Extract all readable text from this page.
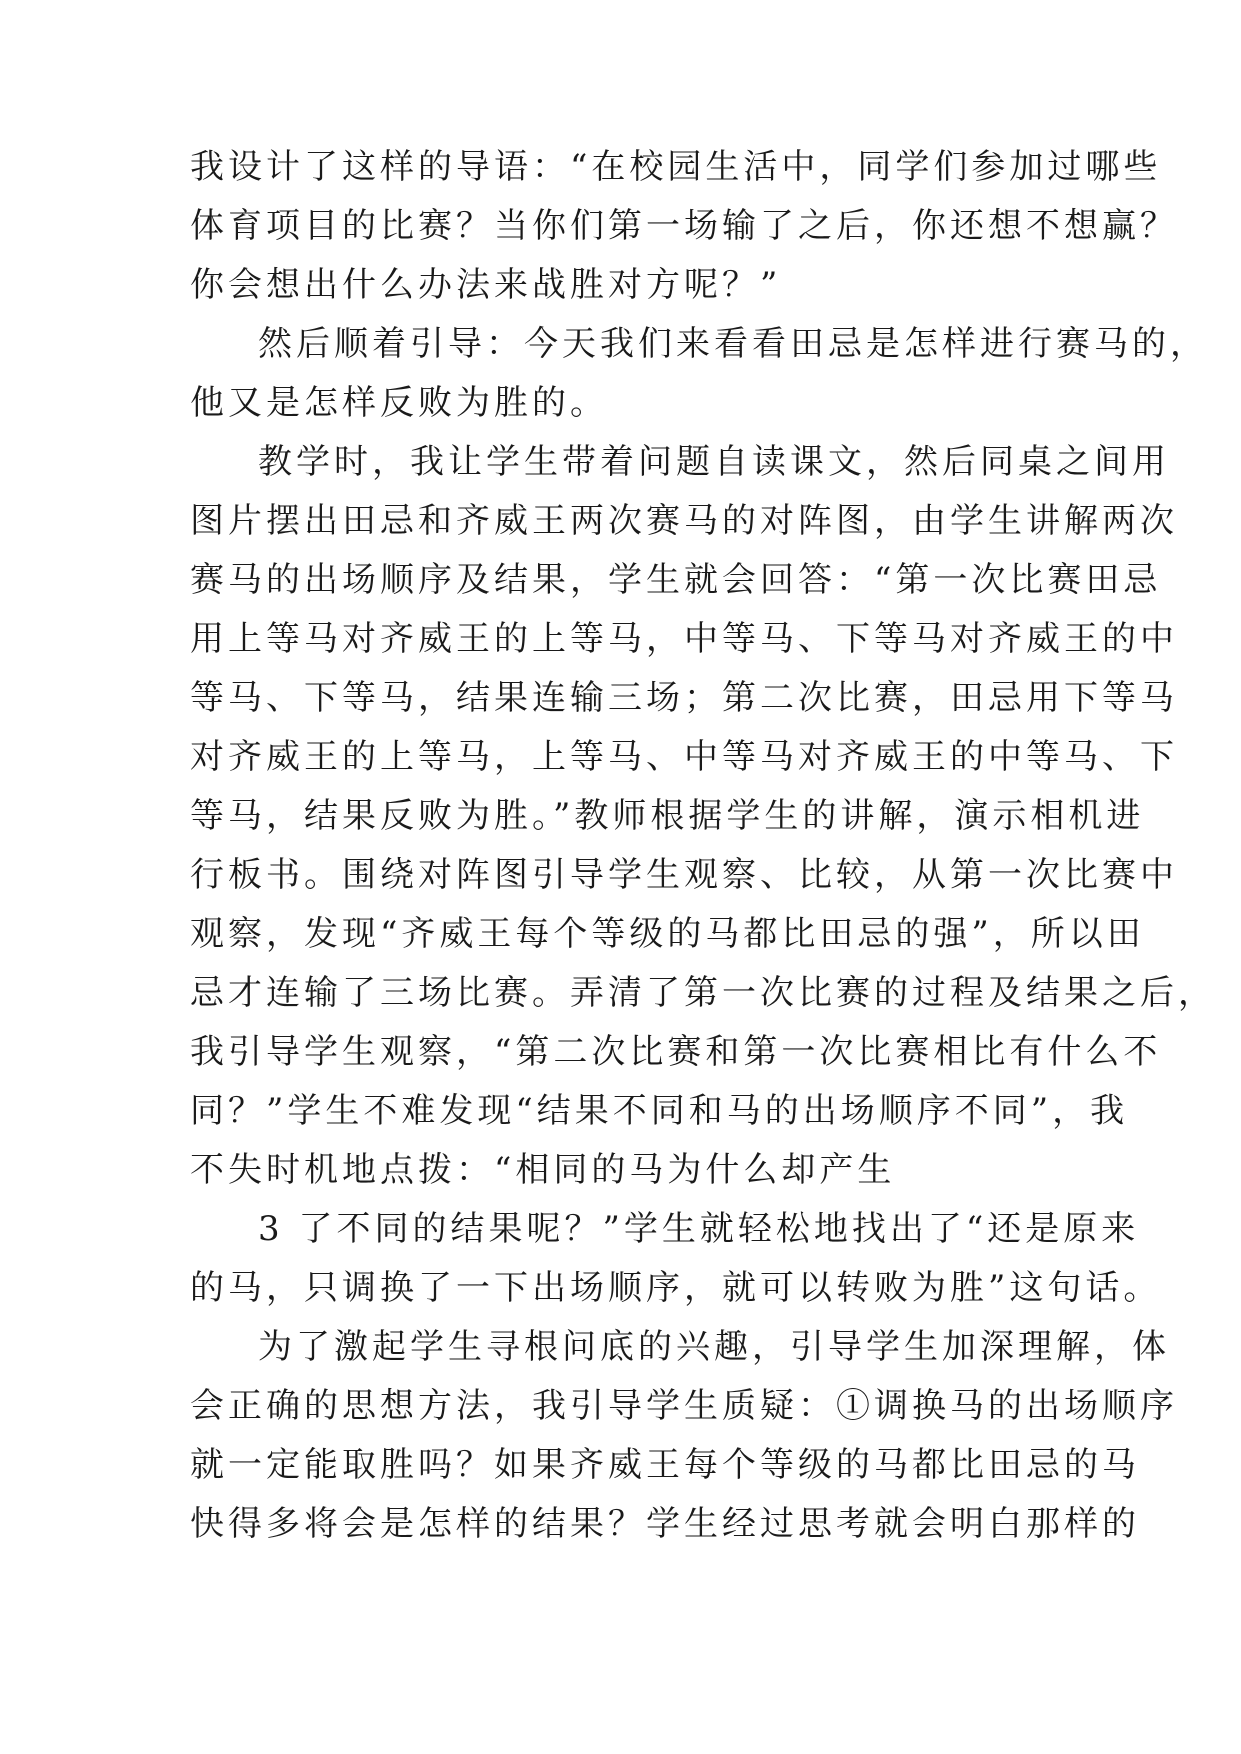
我设计了这样的导语：“在校园生活中，同学们参加过哪些
体育项目的比赛？当你们第一场输了之后，你还想不想赢？
你会想出什么办法来战胜对方呢？”
然后顺着引导：今天我们来看看田忌是怎样进行赛马的，
他又是怎样反败为胜的。
教学时，我让学生带着问题自读课文，然后同桌之间用
图片摆出田忌和齐威王两次赛马的对阵图，由学生讲解两次
赛马的出场顺序及结果，学生就会回答：“第一次比赛田忌
用上等马对齐威王的上等马，中等马、下等马对齐威王的中
等马、下等马，结果连输三场；第二次比赛，田忌用下等马
对齐威王的上等马，上等马、中等马对齐威王的中等马、下
等马，结果反败为胜。”教师根据学生的讲解，演示相机进
行板书。围绕对阵图引导学生观察、比较，从第一次比赛中
观察，发现“齐威王每个等级的马都比田忌的强”，所以田
忌才连输了三场比赛。弄清了第一次比赛的过程及结果之后，
我引导学生观察，“第二次比赛和第一次比赛相比有什么不
同？”学生不难发现“结果不同和马的出场顺序不同”，我
不失时机地点拨：“相同的马为什么却产生
3 了不同的结果呢？”学生就轻松地找出了“还是原来
的马，只调换了一下出场顺序，就可以转败为胜”这句话。
为了激起学生寻根问底的兴趣，引导学生加深理解，体
会正确的思想方法，我引导学生质疑：①调换马的出场顺序
就一定能取胜吗？如果齐威王每个等级的马都比田忌的马
快得多将会是怎样的结果？学生经过思考就会明白那样的
